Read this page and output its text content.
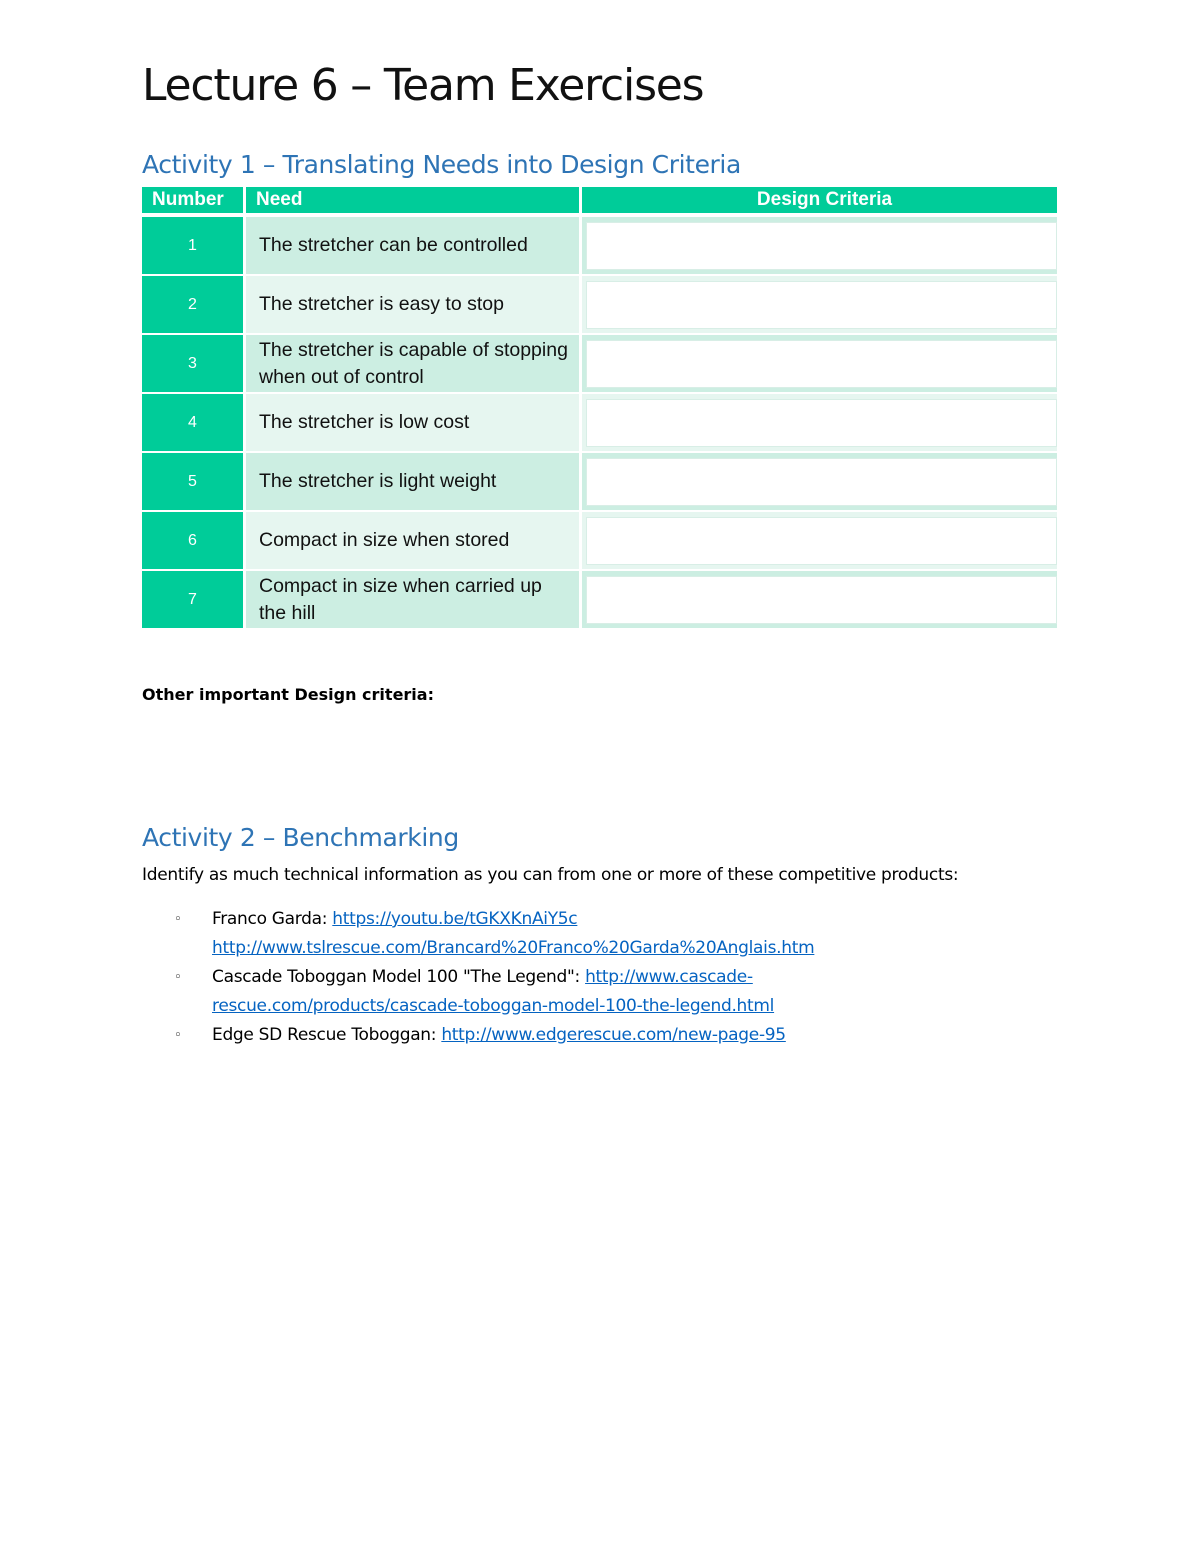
Lecture 6 – Team Exercises
Activity 1 – Translating Needs into Design Criteria
Number	Need	Design Criteria
1	The stretcher can be controlled	

2	The stretcher is easy to stop	

3	The stretcher is capable of stopping when out of control	

4	The stretcher is low cost	

5	The stretcher is light weight	

6	Compact in size when stored	

7	Compact in size when carried up the hill	
Other important Design criteria:
Activity 2 – Benchmarking
Identify as much technical information as you can from one or more of these competitive products:
◦ Franco Garda: https://youtu.be/tGKXKnAiY5c
http://www.tslrescue.com/Brancard%20Franco%20Garda%20Anglais.htm
◦ Cascade Toboggan Model 100 "The Legend": http://www.cascade-
rescue.com/products/cascade-toboggan-model-100-the-legend.html
◦ Edge SD Rescue Toboggan: http://www.edgerescue.com/new-page-95
